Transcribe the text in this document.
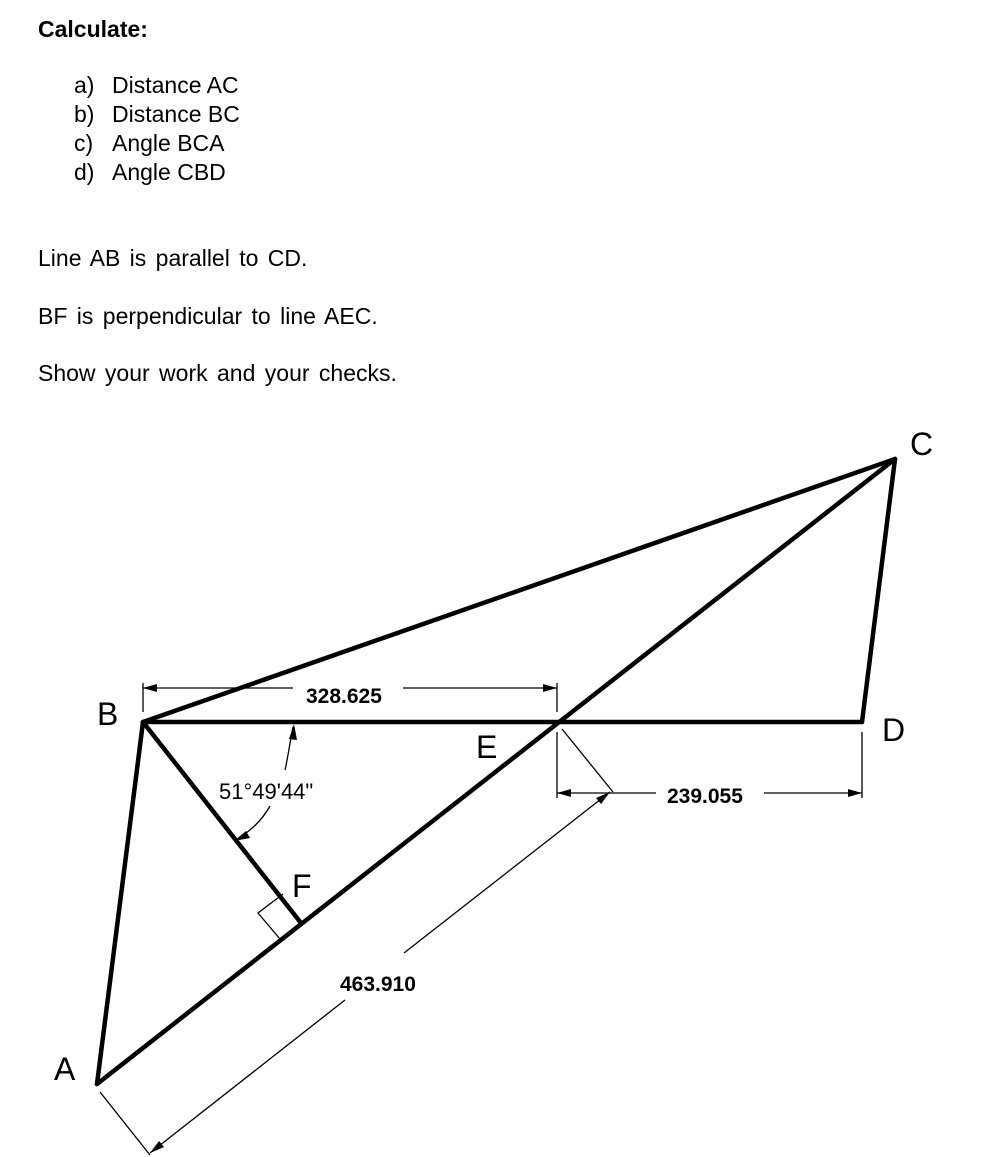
Calculate:
a) Distance AC
b) Distance BC
c) Angle BCA
d) Angle CBD

Line AB is parallel to CD.

BF is perpendicular to line AEC.

Show your work and your checks.

328.625
239.055
463.910
51°49'44"
A
B
C
D
E
F
